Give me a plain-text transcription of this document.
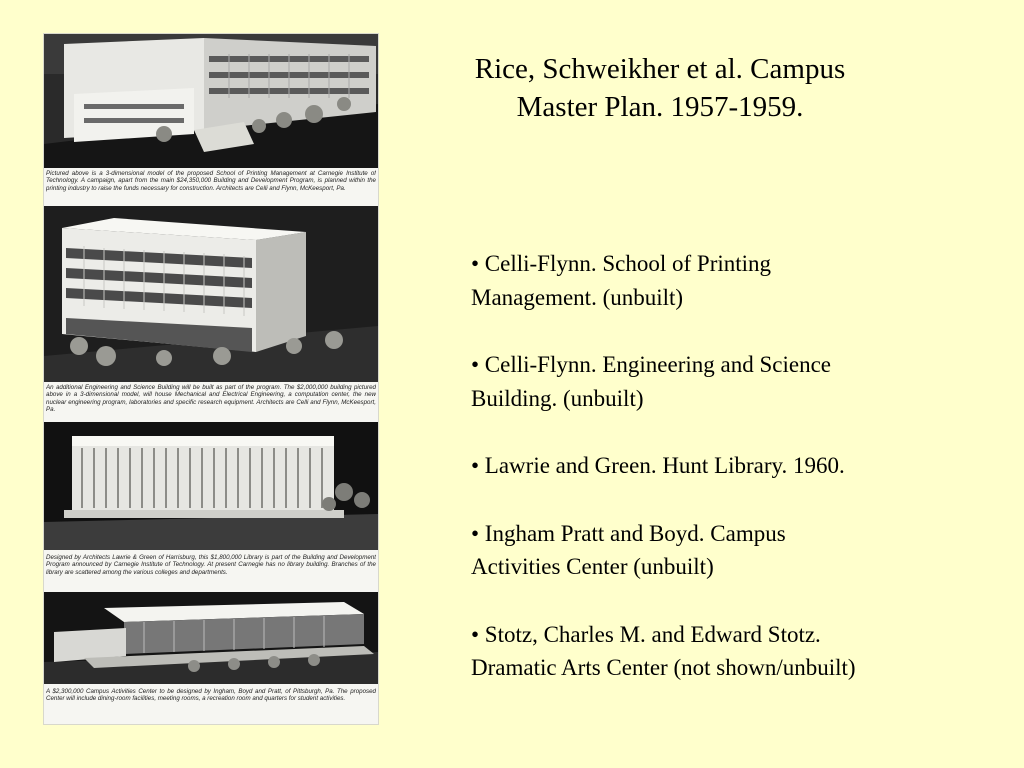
Pictured above is a 3-dimensional model of the proposed School of Printing Management at Carnegie Institute of Technology. A campaign, apart from the main $24,350,000 Building and Development Program, is planned within the printing industry to raise the funds necessary for construction. Architects are Celli and Flynn, McKeesport, Pa.
An additional Engineering and Science Building will be built as part of the program. The $2,000,000 building pictured above in a 3-dimensional model, will house Mechanical and Electrical Engineering, a computation center, the new nuclear engineering program, laboratories and specific research equipment. Architects are Celli and Flynn, McKeesport, Pa.
Designed by Architects Lawrie & Green of Harrisburg, this $1,800,000 Library is part of the Building and Development Program announced by Carnegie Institute of Technology. At present Carnegie has no library building. Branches of the library are scattered among the various colleges and departments.
A $2,300,000 Campus Activities Center to be designed by Ingham, Boyd and Pratt, of Pittsburgh, Pa. The proposed Center will include dining-room facilities, meeting rooms, a recreation room and quarters for student activities.
Rice, Schweikher et al. Campus
Master Plan. 1957-1959.
• Celli-Flynn. School of Printing
Management. (unbuilt)
• Celli-Flynn. Engineering and Science
Building. (unbuilt)
• Lawrie and Green. Hunt Library. 1960.
• Ingham Pratt and Boyd. Campus
Activities Center (unbuilt)
• Stotz, Charles M. and Edward Stotz.
Dramatic Arts Center (not shown/unbuilt)
